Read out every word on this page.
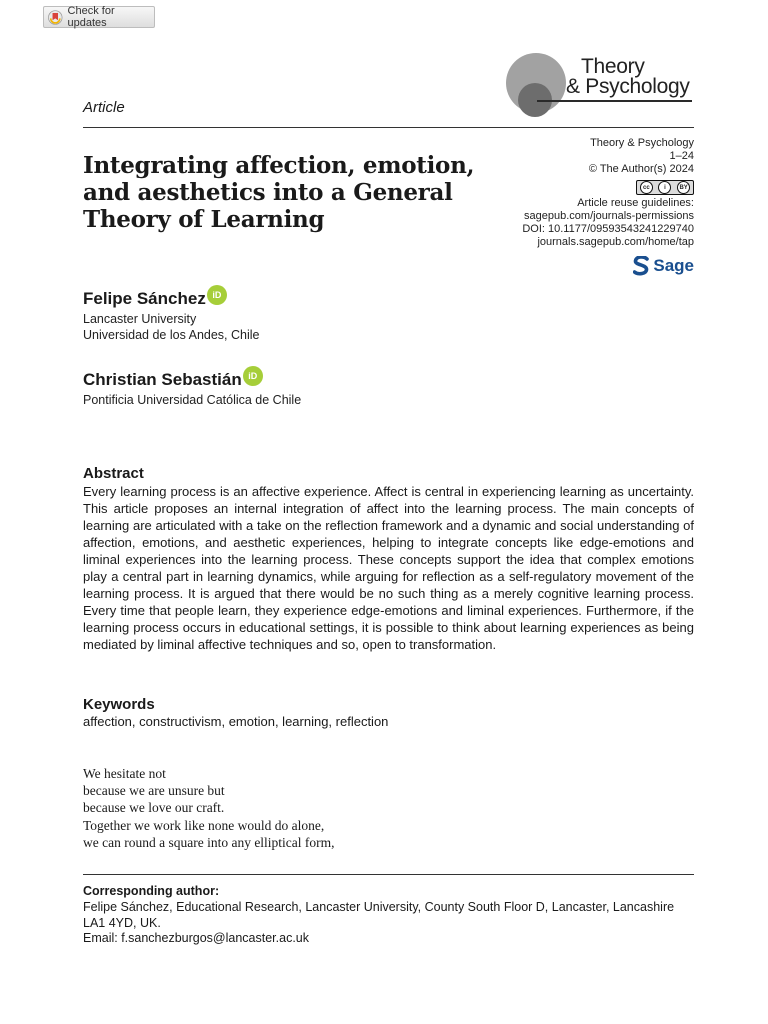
Check for updates
Theory
& Psychology
Article
Theory & Psychology
1–24
© The Author(s) 2024
cc	i	BY
Article reuse guidelines:
sagepub.com/journals-permissions
DOI: 10.1177/09593543241229740
journals.sagepub.com/home/tap
Sage
Integrating affection, emotion, and aesthetics into a General Theory of Learning
Felipe Sánchez iD
Lancaster University
Universidad de los Andes, Chile
Christian Sebastián iD
Pontificia Universidad Católica de Chile
Abstract

Every learning process is an affective experience. Affect is central in experiencing learning as uncertainty. This article proposes an internal integration of affect into the learning process. The main concepts of learning are articulated with a take on the reflection framework and a dynamic and social understanding of affection, emotions, and aesthetic experiences, helping to integrate concepts like edge-emotions and liminal experiences into the learning process. These concepts support the idea that complex emotions play a central part in learning dynamics, while arguing for reflection as a self-regulatory movement of the learning process. It is argued that there would be no such thing as a merely cognitive learning process. Every time that people learn, they experience edge-emotions and liminal experiences. Furthermore, if the learning process occurs in educational settings, it is possible to think about learning experiences as being mediated by liminal affective techniques and so, open to transformation.

Keywords
affection, constructivism, emotion, learning, reflection
We hesitate not
because we are unsure but
because we love our craft.
Together we work like none would do alone,
we can round a square into any elliptical form,
Corresponding author:
Felipe Sánchez, Educational Research, Lancaster University, County South Floor D, Lancaster, Lancashire LA1 4YD, UK.
Email: f.sanchezburgos@lancaster.ac.uk
